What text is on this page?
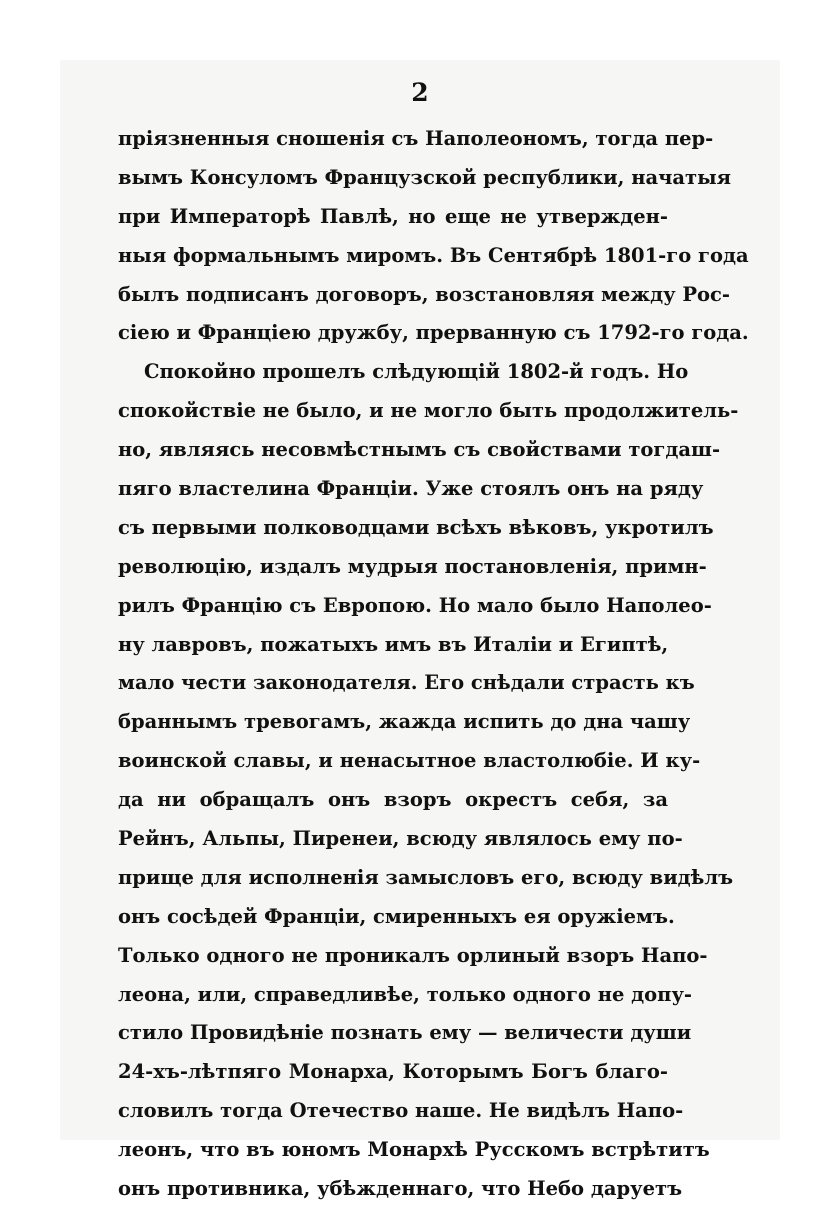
2

пріязненныя сношенія съ Наполеономъ, тогда пер-
вымъ Консуломъ Французской республики, начатыя
при Императорѣ Павлѣ, но еще не утвержден-
ныя формальнымъ миромъ. Въ Сентябрѣ 1801-го года
былъ подписанъ договоръ, возстановляя между Рос-
сіею и Франціею дружбу, прерванную съ 1792-го года.
Спокойно прошелъ слѣдующій 1802-й годъ. Но
спокойствіе не было, и не могло быть продолжитель-
но, являясь несовмѣстнымъ съ свойствами тогдаш-
пяго властелина Франціи. Уже стоялъ онъ на ряду
съ первыми полководцами всѣхъ вѣковъ, укротилъ
революцію, издалъ мудрыя постановленія, примн-
рилъ Францію съ Европою. Но мало было Наполео-
ну лавровъ, пожатыхъ имъ въ Италіи и Египтѣ,
мало чести законодателя. Его снѣдали страсть къ
браннымъ тревогамъ, жажда испить до дна чашу
воинской славы, и ненасытное властолюбіе. И ку-
да ни обращалъ онъ взоръ окрестъ себя, за
Рейнъ, Альпы, Пиренеи, всюду являлось ему по-
прище для исполненія замысловъ его, всюду видѣлъ
онъ сосѣдей Франціи, смиренныхъ ея оружіемъ.
Только одного не проникалъ орлиный взоръ Напо-
леона, или, справедливѣе, только одного не допу-
стило Провидѣніе познать ему — величести души
24-хъ-лѣтпяго Монарха, Которымъ Богъ благо-
словилъ тогда Отечество наше. Не видѣлъ Напо-
леонъ, что въ юномъ Монархѣ Русскомъ встрѣтитъ
онъ противника, убѣжденнаго, что Небо даруетъ
